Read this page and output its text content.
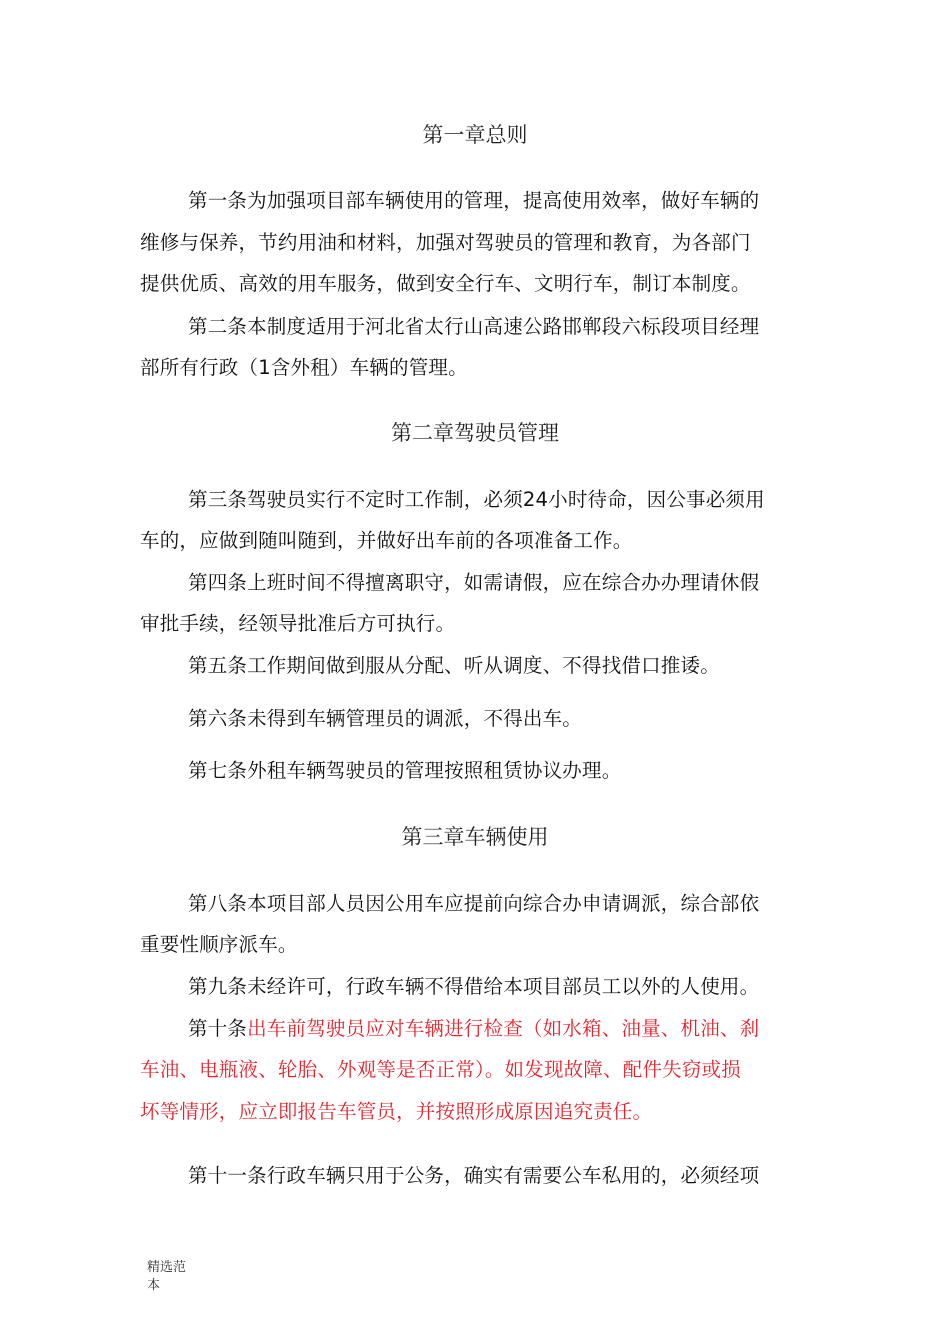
第一章总则
第一条为加强项目部车辆使用的管理，提高使用效率，做好车辆的
维修与保养，节约用油和材料，加强对驾驶员的管理和教育，为各部门
提供优质、高效的用车服务，做到安全行车、文明行车，制订本制度。
第二条本制度适用于河北省太行山高速公路邯郸段六标段项目经理
部所有行政（1含外租）车辆的管理。
第二章驾驶员管理
第三条驾驶员实行不定时工作制，必须24小时待命，因公事必须用
车的，应做到随叫随到，并做好出车前的各项准备工作。
第四条上班时间不得擅离职守，如需请假，应在综合办办理请休假
审批手续，经领导批准后方可执行。
第五条工作期间做到服从分配、听从调度、不得找借口推诿。
第六条未得到车辆管理员的调派，不得出车。
第七条外租车辆驾驶员的管理按照租赁协议办理。
第三章车辆使用
第八条本项目部人员因公用车应提前向综合办申请调派，综合部依
重要性顺序派车。
第九条未经许可，行政车辆不得借给本项目部员工以外的人使用。
第十条出车前驾驶员应对车辆进行检查（如水箱、油量、机油、刹
车油、电瓶液、轮胎、外观等是否正常）。如发现故障、配件失窃或损
坏等情形，应立即报告车管员，并按照形成原因追究责任。
第十一条行政车辆只用于公务，确实有需要公车私用的，必须经项
精选范
本
